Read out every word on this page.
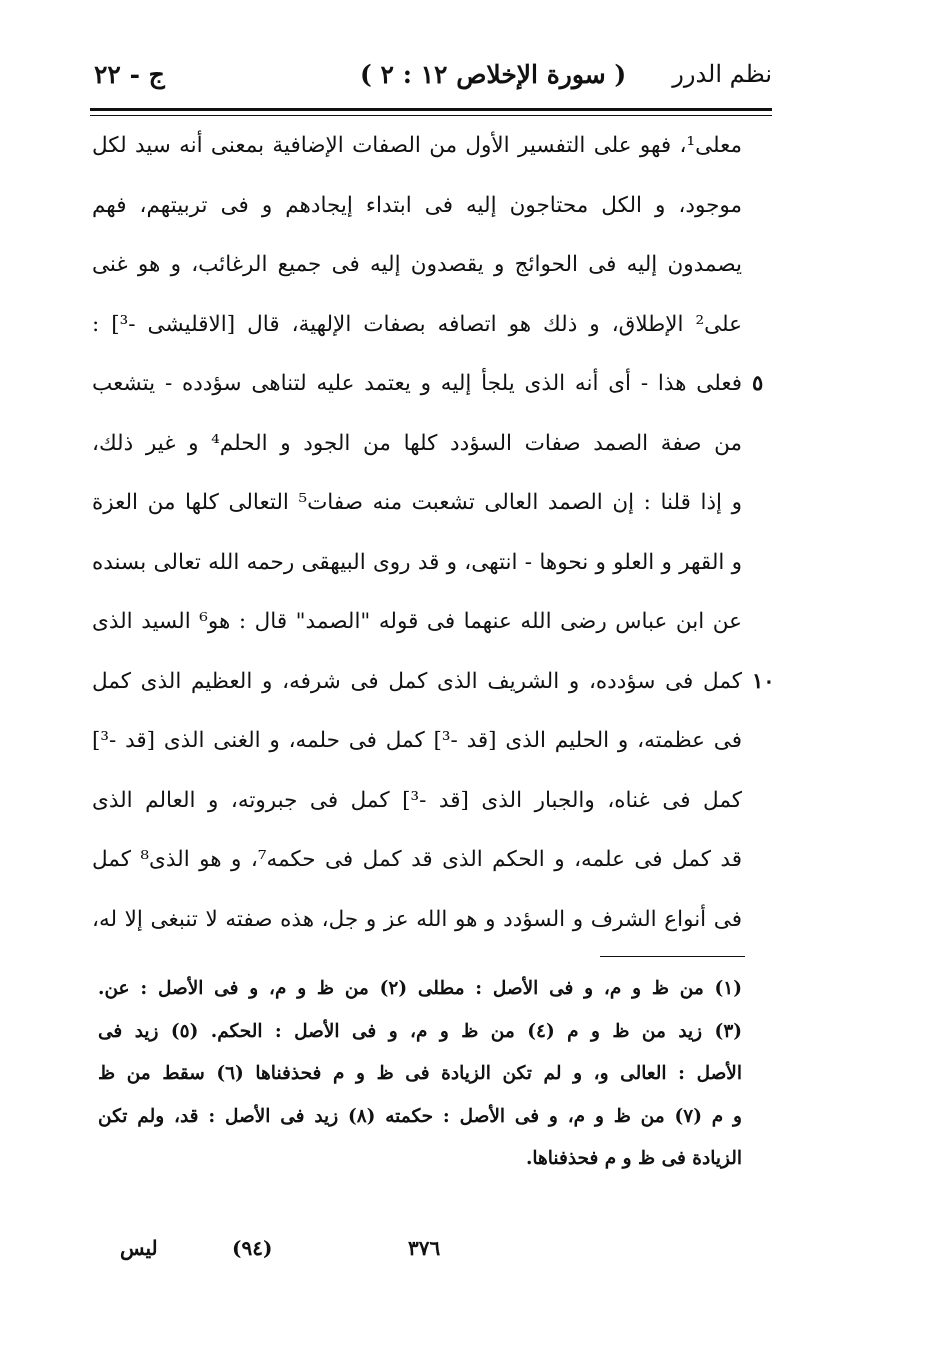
ج - ٢٢	( سورة الإخلاص ١٢ : ٢ ) نظم الدرر
معلى¹، فهو على التفسير الأول من الصفات الإضافية بمعنى أنه سيد لكل
موجود، و الكل محتاجون إليه فى ابتداء إيجادهم و فى تربيتهم، فهم
يصمدون إليه فى الحوائج و يقصدون إليه فى جميع الرغائب، و هو غنى
على² الإطلاق، و ذلك هو اتصافه بصفات الإلهية، قال [الاقليشى -³] :
فعلى هذا - أى أنه الذى يلجأ إليه و يعتمد عليه لتناهى سؤدده - يتشعب
من صفة الصمد صفات السؤدد كلها من الجود و الحلم⁴ و غير ذلك،
و إذا قلنا : إن الصمد العالى تشعبت منه صفات⁵ التعالى كلها من العزة
و القهر و العلو و نحوها - انتهى، و قد روى البيهقى رحمه الله تعالى بسنده
عن ابن عباس رضى الله عنهما فى قوله "الصمد" قال : هو⁶ السيد الذى
كمل فى سؤدده، و الشريف الذى كمل فى شرفه، و العظيم الذى كمل
فى عظمته، و الحليم الذى [قد -³] كمل فى حلمه، و الغنى الذى [قد -³]
كمل فى غناه، والجبار الذى [قد -³] كمل فى جبروته، و العالم الذى
قد كمل فى علمه، و الحكم الذى قد كمل فى حكمه⁷، و هو الذى⁸ كمل
فى أنواع الشرف و السؤدد و هو الله عز و جل، هذه صفته لا تنبغى إلا له،
٥
١٠
(١) من ظ و م، و فى الأصل : مطلى (٢) من ظ و م، و فى الأصل : عن.
(٣) زيد من ظ و م (٤) من ظ و م، و فى الأصل : الحكم. (٥) زيد فى
الأصل : العالى و، و لم تكن الزيادة فى ظ و م فحذفناها (٦) سقط من ظ
و م (٧) من ظ و م، و فى الأصل : حكمته (٨) زيد فى الأصل : قد، ولم تكن
الزيادة فى ظ و م فحذفناها.
ليس	(٩٤)	٣٧٦
